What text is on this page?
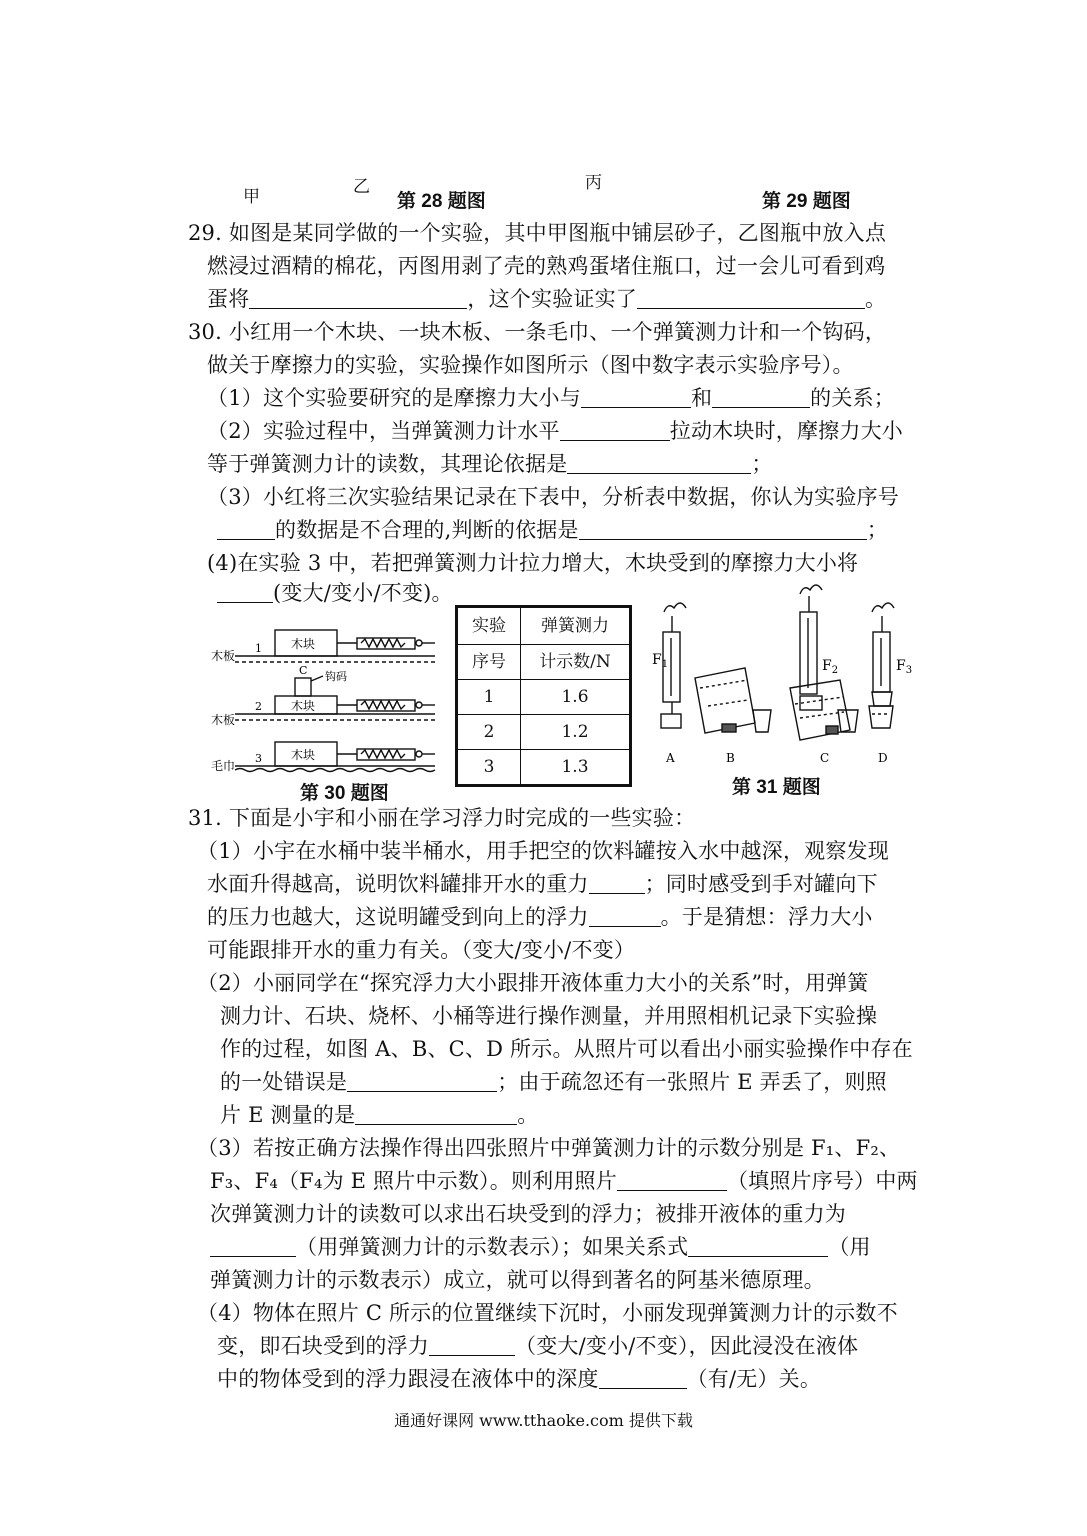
甲	乙	丙
第 28 题图	第 29 题图
29. 如图是某同学做的一个实验，其中甲图瓶中铺层砂子，乙图瓶中放入点
燃浸过酒精的棉花，丙图用剥了壳的熟鸡蛋堵住瓶口，过一会儿可看到鸡
蛋将	，这个实验证实了	。
30. 小红用一个木块、一块木板、一条毛巾、一个弹簧测力计和一个钩码，
做关于摩擦力的实验，实验操作如图所示（图中数字表示实验序号）。
（1）这个实验要研究的是摩擦力大小与	和	的关系；
（2）实验过程中，当弹簧测力计水平	拉动木块时，摩擦力大小
等于弹簧测力计的读数，其理论依据是	；
（3）小红将三次实验结果记录在下表中，分析表中数据，你认为实验序号
的数据是不合理的,判断的依据是	；
(4)在实验 3 中，若把弹簧测力计拉力增大，木块受到的摩擦力大小将
(变大/变小/不变)。
木板
1 木块
C 钩码
木板
2 木块
毛巾
3 木块
第 30 题图
实验	弹簧测力
序号	计示数/N
1	1.6
2	1.2
3	1.3
$F_1$	$F_2$	$F_3$
A	B	C	D
第 31 题图
31. 下面是小宇和小丽在学习浮力时完成的一些实验：
（1）小宇在水桶中装半桶水，用手把空的饮料罐按入水中越深，观察发现
水面升得越高，说明饮料罐排开水的重力	；同时感受到手对罐向下
的压力也越大，这说明罐受到向上的浮力	。于是猜想：浮力大小
可能跟排开水的重力有关。（变大/变小/不变）
（2）小丽同学在“探究浮力大小跟排开液体重力大小的关系”时，用弹簧
测力计、石块、烧杯、小桶等进行操作测量，并用照相机记录下实验操
作的过程，如图 A、B、C、D 所示。从照片可以看出小丽实验操作中存在
的一处错误是	；由于疏忽还有一张照片 E 弄丢了，则照
片 E 测量的是	。
（3）若按正确方法操作得出四张照片中弹簧测力计的示数分别是 F₁、F₂、
F₃、F₄（F₄为 E 照片中示数）。则利用照片	（填照片序号）中两
次弹簧测力计的读数可以求出石块受到的浮力；被排开液体的重力为
（用弹簧测力计的示数表示）；如果关系式	（用
弹簧测力计的示数表示）成立，就可以得到著名的阿基米德原理。
（4）物体在照片 C 所示的位置继续下沉时，小丽发现弹簧测力计的示数不
变，即石块受到的浮力	（变大/变小/不变），因此浸没在液体
中的物体受到的浮力跟浸在液体中的深度	（有/无）关。
通通好课网 www.tthaoke.com 提供下载
